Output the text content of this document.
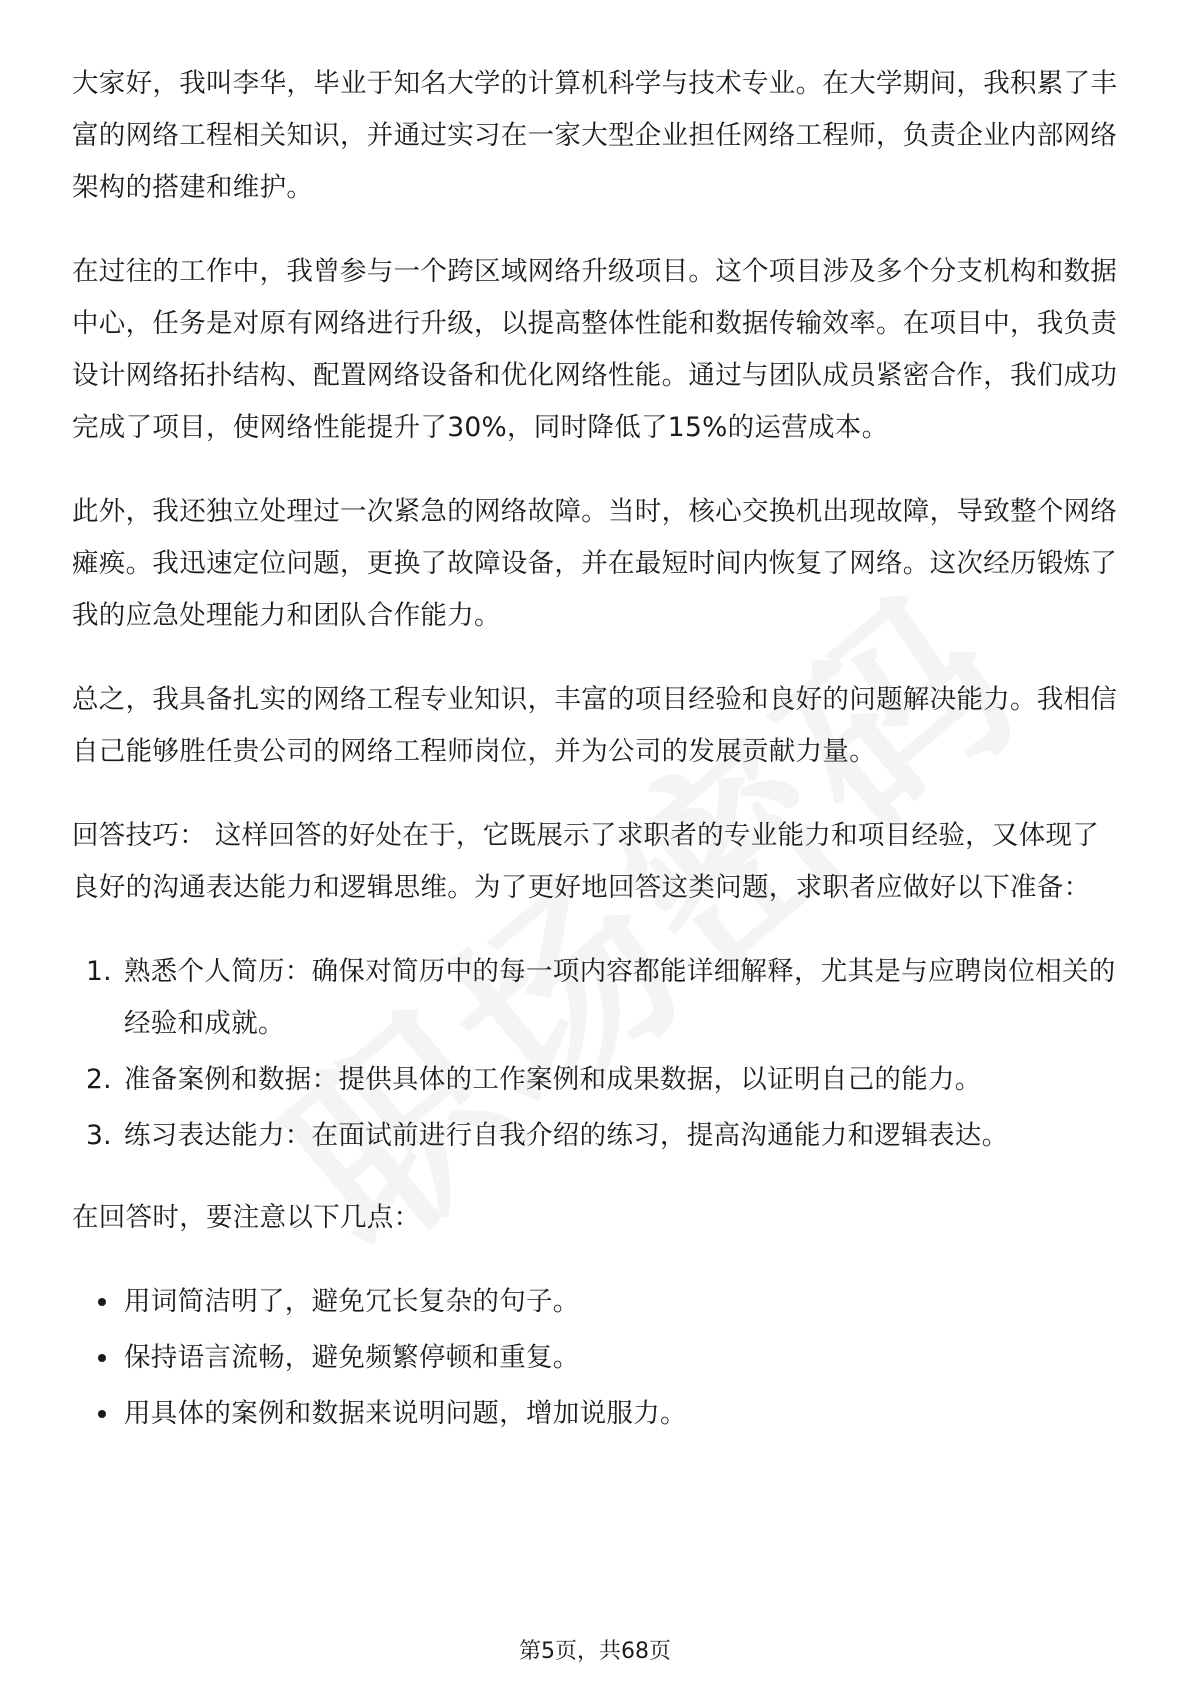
大家好，我叫李华，毕业于知名大学的计算机科学与技术专业。在大学期间，我积累了丰富的网络工程相关知识，并通过实习在一家大型企业担任网络工程师，负责企业内部网络架构的搭建和维护。

在过往的工作中，我曾参与一个跨区域网络升级项目。这个项目涉及多个分支机构和数据中心，任务是对原有网络进行升级，以提高整体性能和数据传输效率。在项目中，我负责设计网络拓扑结构、配置网络设备和优化网络性能。通过与团队成员紧密合作，我们成功完成了项目，使网络性能提升了30%，同时降低了15%的运营成本。

此外，我还独立处理过一次紧急的网络故障。当时，核心交换机出现故障，导致整个网络瘫痪。我迅速定位问题，更换了故障设备，并在最短时间内恢复了网络。这次经历锻炼了我的应急处理能力和团队合作能力。

总之，我具备扎实的网络工程专业知识，丰富的项目经验和良好的问题解决能力。我相信自己能够胜任贵公司的网络工程师岗位，并为公司的发展贡献力量。

回答技巧： 这样回答的好处在于，它既展示了求职者的专业能力和项目经验，又体现了良好的沟通表达能力和逻辑思维。为了更好地回答这类问题，求职者应做好以下准备：

1. 熟悉个人简历：确保对简历中的每一项内容都能详细解释，尤其是与应聘岗位相关的经验和成就。
2. 准备案例和数据：提供具体的工作案例和成果数据，以证明自己的能力。
3. 练习表达能力：在面试前进行自我介绍的练习，提高沟通能力和逻辑表达。

在回答时，要注意以下几点：

用词简洁明了，避免冗长复杂的句子。
保持语言流畅，避免频繁停顿和重复。
用具体的案例和数据来说明问题，增加说服力。
第5页，共68页
